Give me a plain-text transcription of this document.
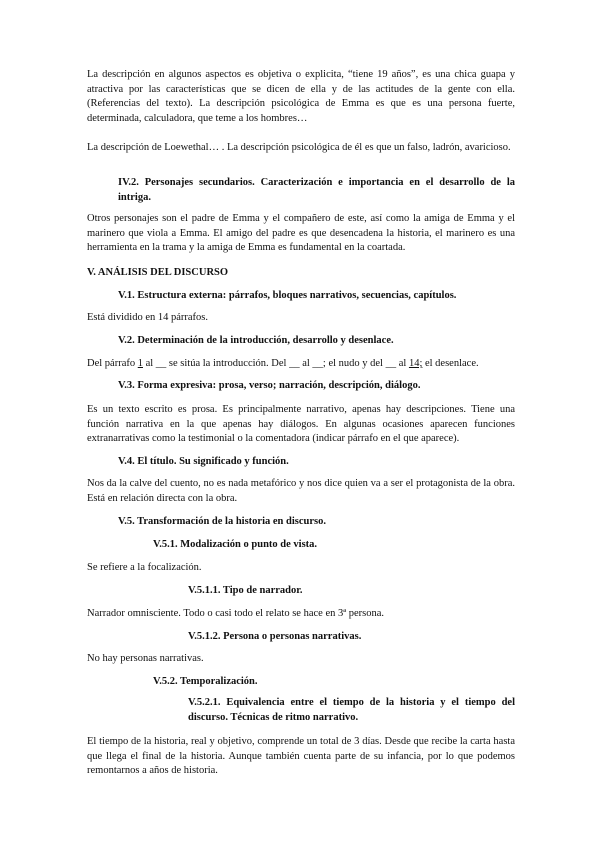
La descripción en algunos aspectos es objetiva o explicita, “tiene 19 años”, es una chica guapa y atractiva por las características que se dicen de ella y de las actitudes de la gente con ella. (Referencias del texto). La descripción psicológica de Emma es que es una persona fuerte, determinada, calculadora, que teme a los hombres…

La descripción de Loewethal… . La descripción psicológica de él es que un falso, ladrón, avaricioso.

IV.2. Personajes secundarios. Caracterización e importancia en el desarrollo de la intriga.

Otros personajes son el padre de Emma y el compañero de este, así como la amiga de Emma y el marinero que viola a Emma. El amigo del padre es que desencadena la historia, el marinero es una herramienta en la trama y la amiga de Emma es fundamental en la coartada.

V. ANÁLISIS DEL DISCURSO
V.1. Estructura externa: párrafos, bloques narrativos, secuencias, capítulos.

Está dividido en 14 párrafos.

V.2. Determinación de la introducción, desarrollo y desenlace.

Del párrafo 1 al __ se sitúa la introducción. Del __ al __; el nudo y del __ al 14; el desenlace.

V.3. Forma expresiva: prosa, verso; narración, descripción, diálogo.

Es un texto escrito es prosa. Es principalmente narrativo, apenas hay descripciones. Tiene una función narrativa en la que apenas hay diálogos. En algunas ocasiones aparecen funciones extranarrativas como la testimonial o la comentadora (indicar párrafo en el que aparece).

V.4. El título. Su significado y función.

Nos da la calve del cuento, no es nada metafórico y nos dice quien va a ser el protagonista de la obra. Está en relación directa con la obra.

V.5. Transformación de la historia en discurso.
V.5.1. Modalización o punto de vista.

Se refiere a la focalización.

V.5.1.1. Tipo de narrador.

Narrador omnisciente. Todo o casi todo el relato se hace en 3ª persona.

V.5.1.2. Persona o personas narrativas.

No hay personas narrativas.

V.5.2. Temporalización.

V.5.2.1. Equivalencia entre el tiempo de la historia y el tiempo del discurso. Técnicas de ritmo narrativo.

El tiempo de la historia, real y objetivo, comprende un total de 3 días. Desde que recibe la carta hasta que llega el final de la historia. Aunque también cuenta parte de su infancia, por lo que podemos remontarnos a años de historia.
